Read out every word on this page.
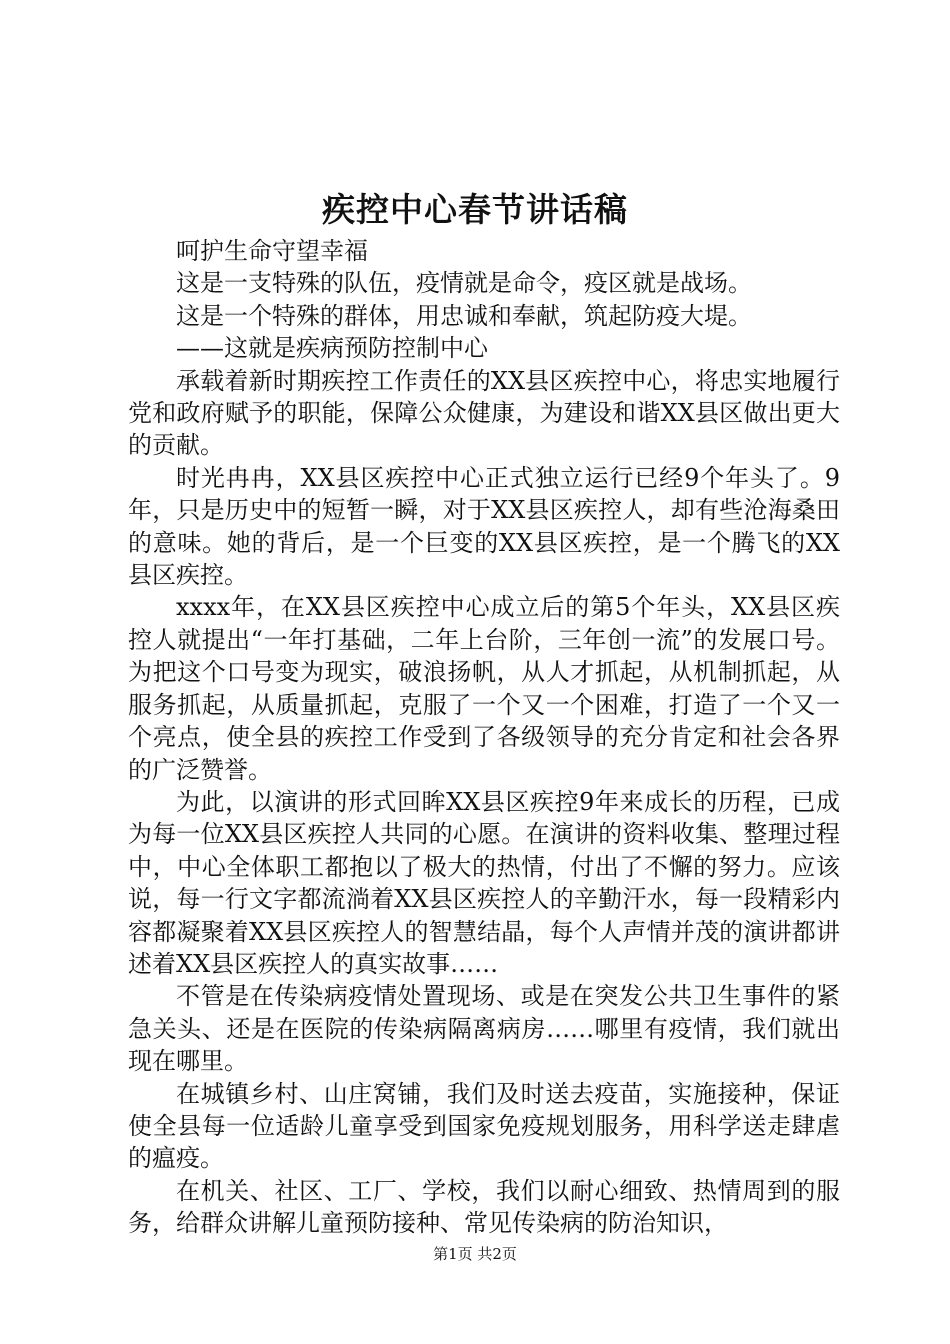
疾控中心春节讲话稿

呵护生命守望幸福

这是一支特殊的队伍，疫情就是命令，疫区就是战场。

这是一个特殊的群体，用忠诚和奉献，筑起防疫大堤。

——这就是疾病预防控制中心

承载着新时期疾控工作责任的XX县区疾控中心，将忠实地履行党和政府赋予的职能，保障公众健康，为建设和谐XX县区做出更大的贡献。

时光冉冉，XX县区疾控中心正式独立运行已经9个年头了。9年，只是历史中的短暂一瞬，对于XX县区疾控人，却有些沧海桑田的意味。她的背后，是一个巨变的XX县区疾控，是一个腾飞的XX县区疾控。

xxxx年，在XX县区疾控中心成立后的第5个年头，XX县区疾控人就提出“一年打基础，二年上台阶，三年创一流”的发展口号。为把这个口号变为现实，破浪扬帆，从人才抓起，从机制抓起，从服务抓起，从质量抓起，克服了一个又一个困难，打造了一个又一个亮点，使全县的疾控工作受到了各级领导的充分肯定和社会各界的广泛赞誉。

为此，以演讲的形式回眸XX县区疾控9年来成长的历程，已成为每一位XX县区疾控人共同的心愿。在演讲的资料收集、整理过程中，中心全体职工都抱以了极大的热情，付出了不懈的努力。应该说，每一行文字都流淌着XX县区疾控人的辛勤汗水，每一段精彩内容都凝聚着XX县区疾控人的智慧结晶，每个人声情并茂的演讲都讲述着XX县区疾控人的真实故事……

不管是在传染病疫情处置现场、或是在突发公共卫生事件的紧急关头、还是在医院的传染病隔离病房……哪里有疫情，我们就出现在哪里。

在城镇乡村、山庄窝铺，我们及时送去疫苗，实施接种，保证使全县每一位适龄儿童享受到国家免疫规划服务，用科学送走肆虐的瘟疫。

在机关、社区、工厂、学校，我们以耐心细致、热情周到的服务，给群众讲解儿童预防接种、常见传染病的防治知识，

第1页 共2页
